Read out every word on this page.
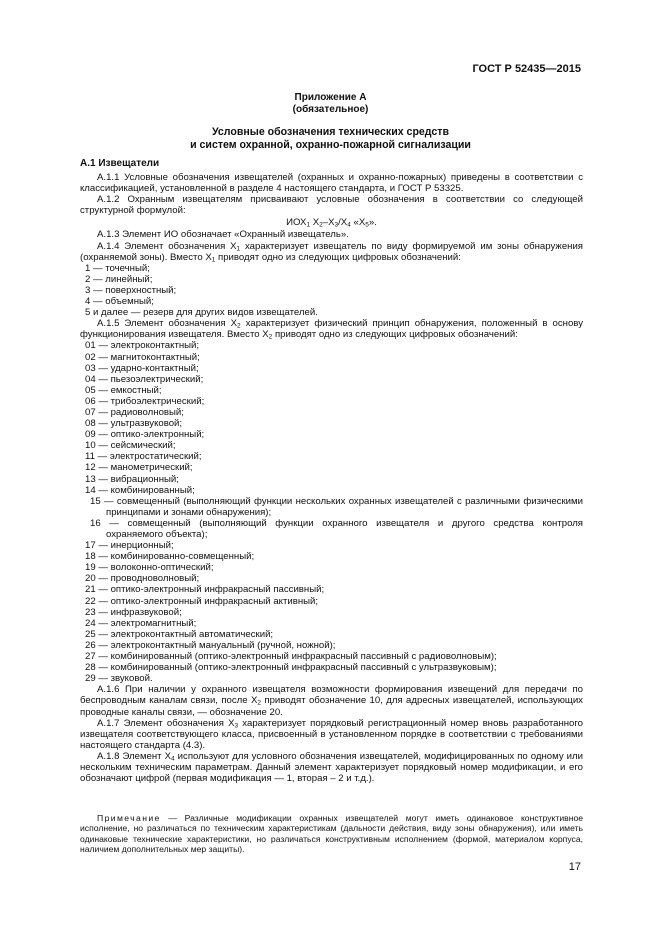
ГОСТ Р 52435—2015
Приложение А
(обязательное)
Условные обозначения технических средств
и систем охранной, охранно-пожарной сигнализации
А.1 Извещатели

А.1.1 Условные обозначения извещателей (охранных и охранно-пожарных) приведены в соответствии с классификацией, установленной в разделе 4 настоящего стандарта, и ГОСТ Р 53325.

А.1.2 Охранным извещателям присваивают условные обозначения в соответствии со следующей структурной формулой:

$ИОХ_1$ $Х_2-Х_3/Х_4$ «$Х_5$».

А.1.3 Элемент ИО обозначает «Охранный извещатель».

А.1.4 Элемент обозначения $Х_1$ характеризует извещатель по виду формируемой им зоны обнаружения (охраняемой зоны). Вместо $Х_1$ приводят одно из следующих цифровых обозначений:

1 — точечный;

2 — линейный;

3 — поверхностный;

4 — объемный;

5 и далее — резерв для других видов извещателей.

А.1.5 Элемент обозначения $Х_2$ характеризует физический принцип обнаружения, положенный в основу функционирования извещателя. Вместо $Х_2$ приводят одно из следующих цифровых обозначений:

01 — электроконтактный;

02 — магнитоконтактный;

03 — ударно-контактный;

04 — пьезоэлектрический;

05 — емкостный;

06 — трибоэлектрический;

07 — радиоволновый;

08 — ультразвуковой;

09 — оптико-электронный;

10 — сейсмический;

11 — электростатический;

12 — манометрический;

13 — вибрационный;

14 — комбинированный;

15 — совмещенный (выполняющий функции нескольких охранных извещателей с различными физическими принципами и зонами обнаружения);

16 — совмещенный (выполняющий функции охранного извещателя и другого средства контроля охраняемого объекта);

17 — инерционный;

18 — комбинированно-совмещенный;

19 — волоконно-оптический;

20 — проводноволновый;

21 — оптико-электронный инфракрасный пассивный;

22 — оптико-электронный инфракрасный активный;

23 — инфразвуковой;

24 — электромагнитный;

25 — электроконтактный автоматический;

26 — электроконтактный мануальный (ручной, ножной);

27 — комбинированный (оптико-электронный инфракрасный пассивный с радиоволновым);

28 — комбинированный (оптико-электронный инфракрасный пассивный с ультразвуковым);

29 — звуковой.

А.1.6 При наличии у охранного извещателя возможности формирования извещений для передачи по беспроводным каналам связи, после $Х_2$ приводят обозначение 10, для адресных извещателей, использующих проводные каналы связи, — обозначение 20.

А.1.7 Элемент обозначения $Х_3$ характеризует порядковый регистрационный номер вновь разработанного извещателя соответствующего класса, присвоенный в установленном порядке в соответствии с требованиями настоящего стандарта (4.3).

А.1.8 Элемент $Х_4$ используют для условного обозначения извещателей, модифицированных по одному или нескольким техническим параметрам. Данный элемент характеризует порядковый номер модификации, и его обозначают цифрой (первая модификация — 1, вторая – 2 и т.д.).

Примечание — Различные модификации охранных извещателей могут иметь одинаковое конструктивное исполнение, но различаться по техническим характеристикам (дальности действия, виду зоны обнаружения), или иметь одинаковые технические характеристики, но различаться конструктивным исполнением (формой, материалом корпуса, наличием дополнительных мер защиты).
17
